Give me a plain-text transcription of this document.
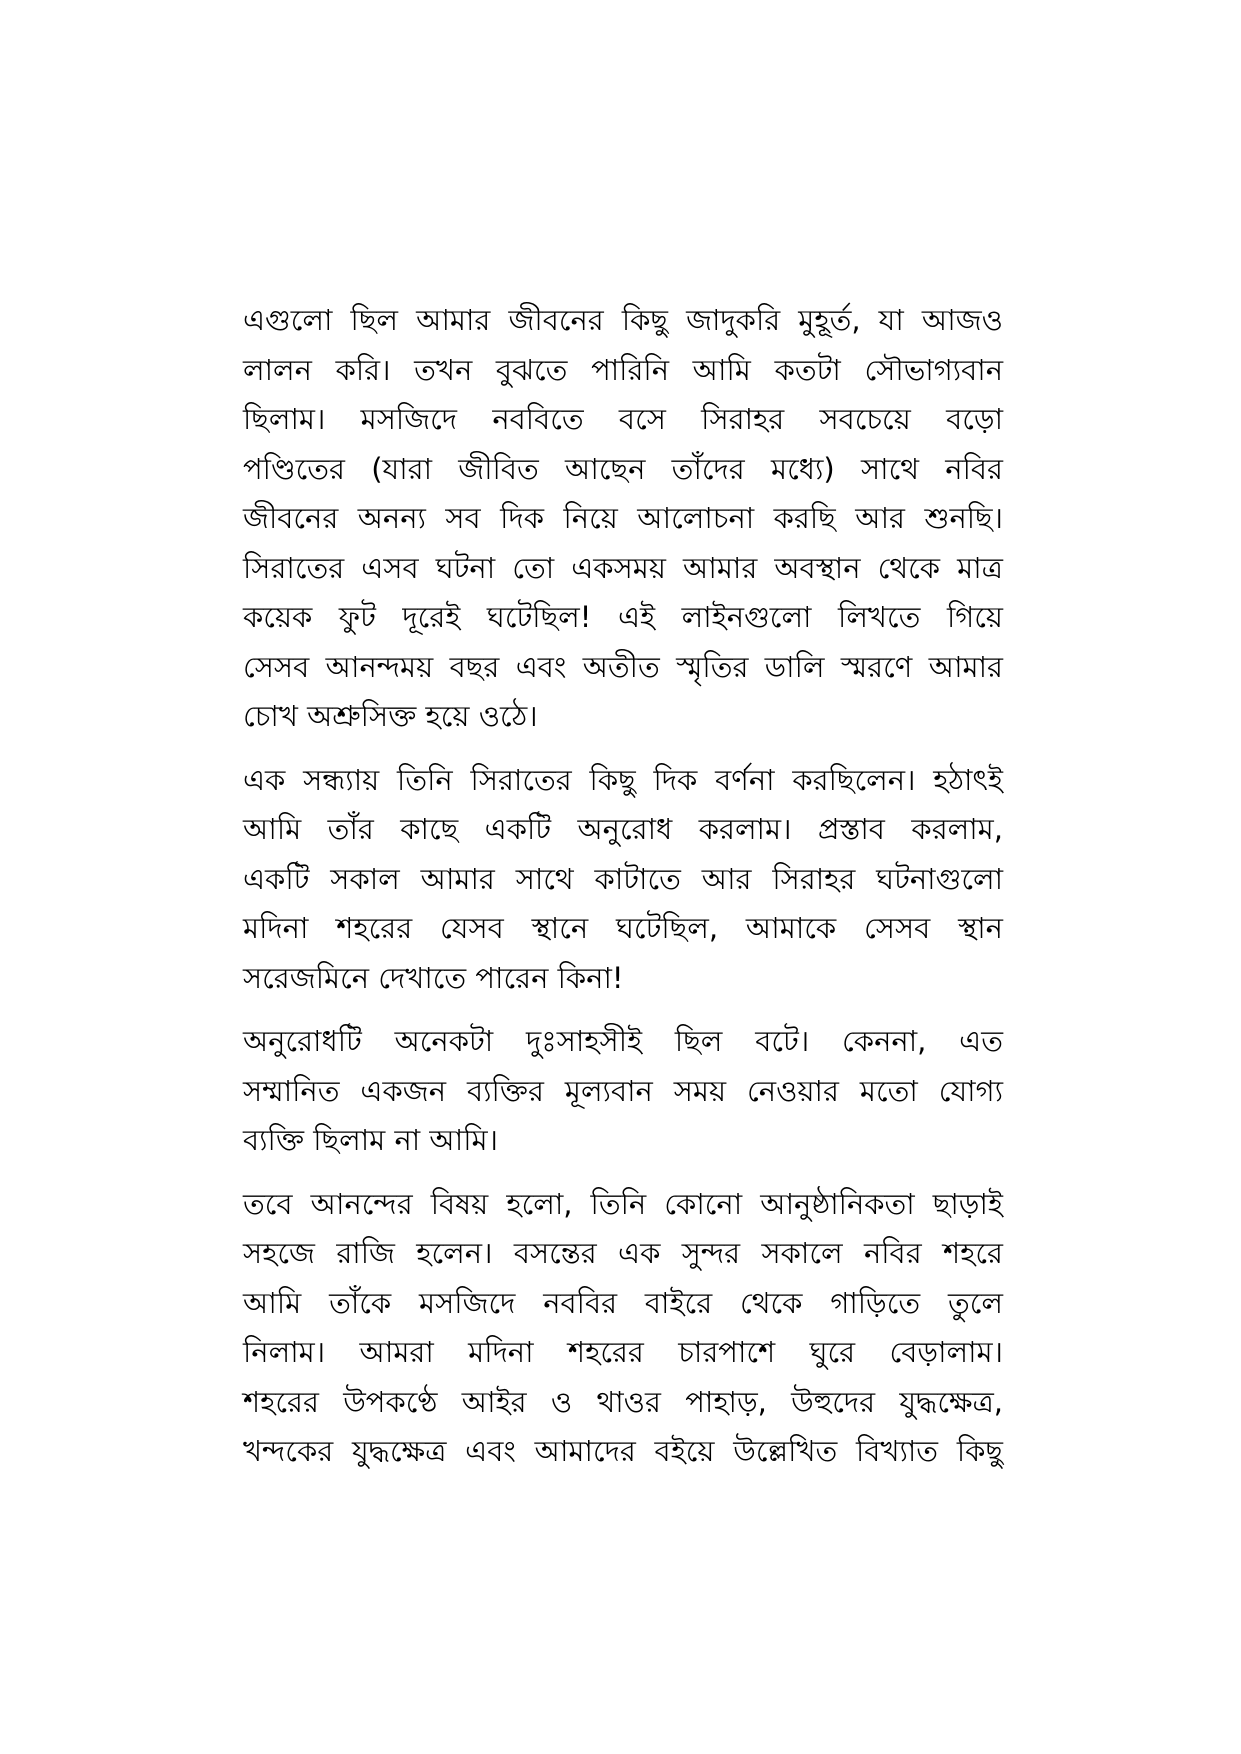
এগুলো ছিল আমার জীবনের কিছু জাদুকরি মুহূর্ত, যা আজও
লালন করি। তখন বুঝতে পারিনি আমি কতটা সৌভাগ্যবান
ছিলাম। মসজিদে নববিতে বসে সিরাহর সবচেয়ে বড়ো
পণ্ডিতের (যারা জীবিত আছেন তাঁদের মধ্যে) সাথে নবির
জীবনের অনন্য সব দিক নিয়ে আলোচনা করছি আর শুনছি।
সিরাতের এসব ঘটনা তো একসময় আমার অবস্থান থেকে মাত্র
কয়েক ফুট দূরেই ঘটেছিল! এই লাইনগুলো লিখতে গিয়ে
সেসব আনন্দময় বছর এবং অতীত স্মৃতির ডালি স্মরণে আমার
চোখ অশ্রুসিক্ত হয়ে ওঠে।
এক সন্ধ্যায় তিনি সিরাতের কিছু দিক বর্ণনা করছিলেন। হঠাৎই
আমি তাঁর কাছে একটি অনুরোধ করলাম। প্রস্তাব করলাম,
একটি সকাল আমার সাথে কাটাতে আর সিরাহর ঘটনাগুলো
মদিনা শহরের যেসব স্থানে ঘটেছিল, আমাকে সেসব স্থান
সরেজমিনে দেখাতে পারেন কিনা!
অনুরোধটি অনেকটা দুঃসাহসীই ছিল বটে। কেননা, এত
সম্মানিত একজন ব্যক্তির মূল্যবান সময় নেওয়ার মতো যোগ্য
ব্যক্তি ছিলাম না আমি।
তবে আনন্দের বিষয় হলো, তিনি কোনো আনুষ্ঠানিকতা ছাড়াই
সহজে রাজি হলেন। বসন্তের এক সুন্দর সকালে নবির শহরে
আমি তাঁকে মসজিদে নববির বাইরে থেকে গাড়িতে তুলে
নিলাম। আমরা মদিনা শহরের চারপাশে ঘুরে বেড়ালাম।
শহরের উপকণ্ঠে আইর ও থাওর পাহাড়, উহুদের যুদ্ধক্ষেত্র,
খন্দকের যুদ্ধক্ষেত্র এবং আমাদের বইয়ে উল্লেখিত বিখ্যাত কিছু
